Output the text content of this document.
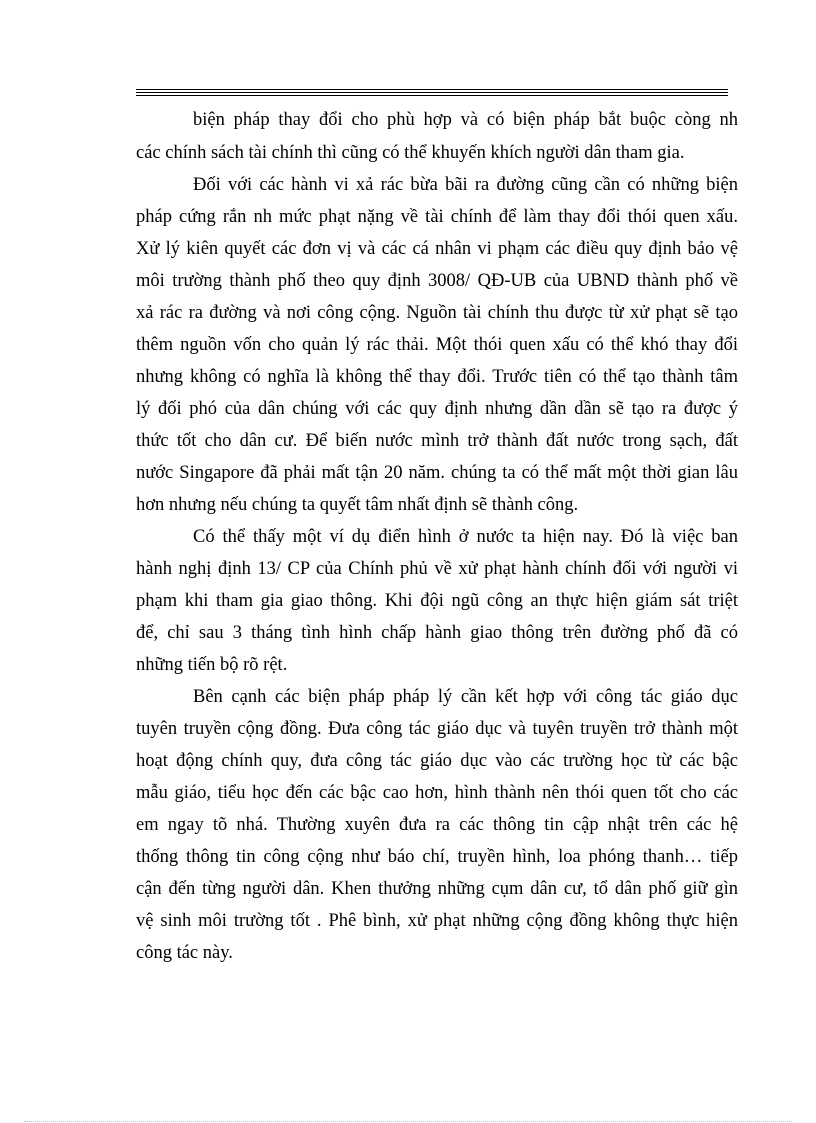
biện pháp thay đổi cho phù hợp và có biện pháp bắt buộc còng nh
các chính sách tài chính thì cũng có thể khuyến khích người dân tham gia.
Đối với các hành vi xả rác bừa bãi ra đường cũng cần có những biện
pháp cứng rắn nh mức phạt nặng về tài chính để làm thay đổi thói quen xấu.
Xử lý kiên quyết các đơn vị và các cá nhân vi phạm các điều quy định bảo vệ
môi trường thành phố theo quy định 3008/ QĐ-UB của UBND thành phố về
xả rác ra đường và nơi công cộng. Nguồn tài chính thu được từ xử phạt sẽ tạo
thêm nguồn vốn cho quản lý rác thải. Một thói quen xấu có thể khó thay đổi
nhưng không có nghĩa là không thể thay đổi. Trước tiên có thể tạo thành tâm
lý đối phó của dân chúng với các quy định nhưng dần dần sẽ tạo ra được ý
thức tốt cho dân cư. Để biến nước mình trở thành đất nước trong sạch, đất
nước Singapore đã phải mất tận 20 năm. chúng ta có thể mất một thời gian lâu
hơn nhưng nếu chúng ta quyết tâm nhất định sẽ thành công.
Có thể thấy một ví dụ điển hình ở nước ta hiện nay. Đó là việc ban
hành nghị định 13/ CP của Chính phủ về xử phạt hành chính đối với người vi
phạm khi tham gia giao thông. Khi đội ngũ công an thực hiện giám sát triệt
để, chỉ sau 3 tháng tình hình chấp hành giao thông trên đường phố đã có
những tiến bộ rõ rệt.
Bên cạnh các biện pháp pháp lý cần kết hợp với công tác giáo dục
tuyên truyền cộng đồng. Đưa công tác giáo dục và tuyên truyền trở thành một
hoạt động chính quy, đưa công tác giáo dục vào các trường học từ các bậc
mẫu giáo, tiểu học đến các bậc cao hơn, hình thành nên thói quen tốt cho các
em ngay tõ nhá. Thường xuyên đưa ra các thông tin cập nhật trên các hệ
thống thông tin công cộng như báo chí, truyền hình, loa phóng thanh… tiếp
cận đến từng người dân. Khen thưởng những cụm dân cư, tổ dân phố giữ gìn
vệ sinh môi trường tốt . Phê bình, xử phạt những cộng đồng không thực hiện
công tác này.
